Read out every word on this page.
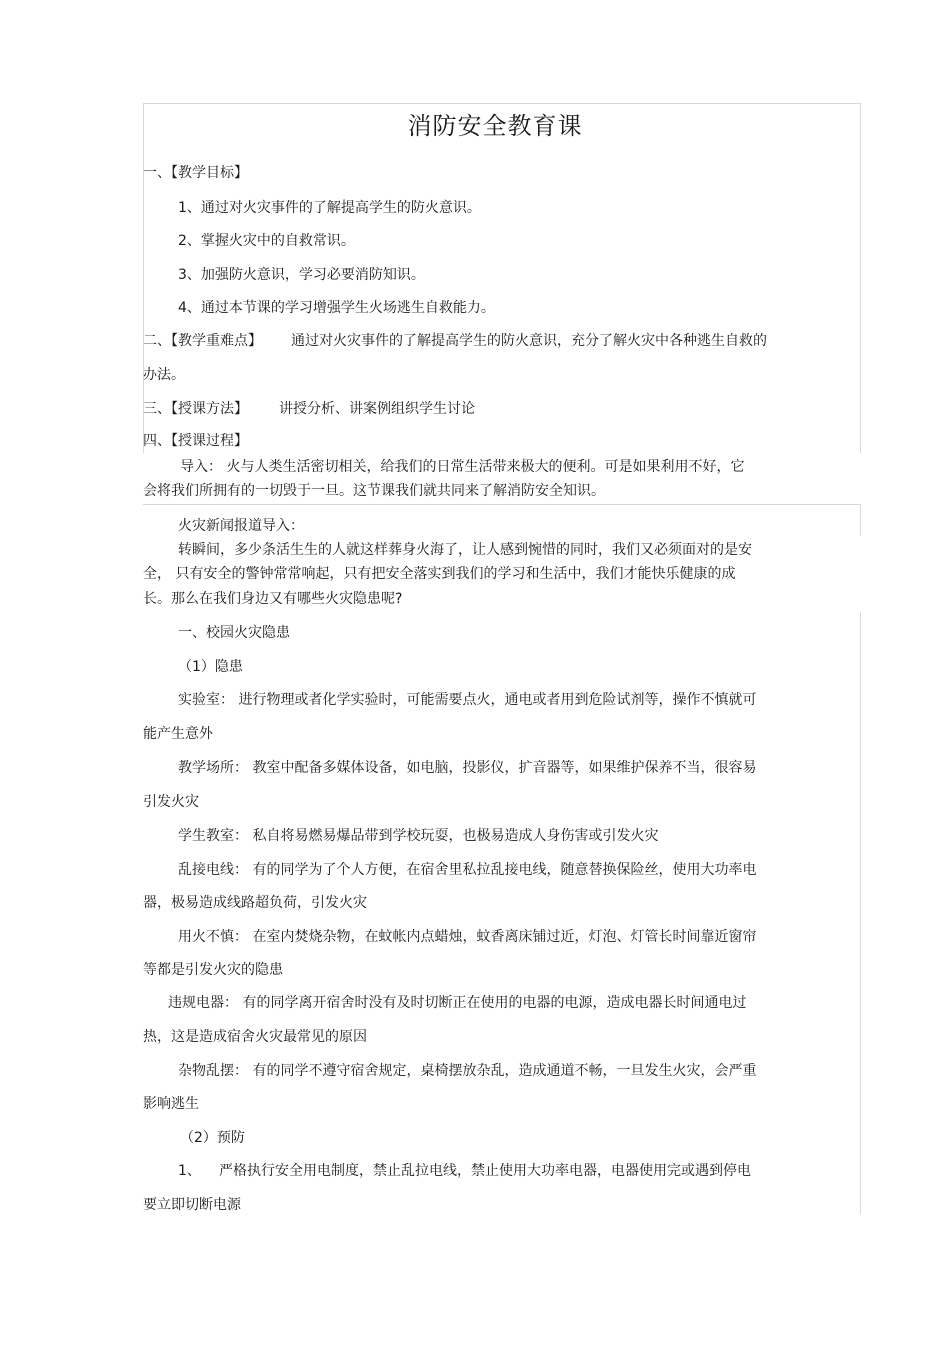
消防安全教育课
一、【教学目标】
1、通过对火灾事件的了解提高学生的防火意识。
2、掌握火灾中的自救常识。
3、加强防火意识，学习必要消防知识。
4、通过本节课的学习增强学生火场逃生自救能力。
二、【教学重难点】 通过对火灾事件的了解提高学生的防火意识，充分了解火灾中各种逃生自救的
办法。
三、【授课方法】 讲授分析、讲案例组织学生讨论
四、【授课过程】
导入： 火与人类生活密切相关，给我们的日常生活带来极大的便利。可是如果利用不好，它
会将我们所拥有的一切毁于一旦。这节课我们就共同来了解消防安全知识。
火灾新闻报道导入：
转瞬间，多少条活生生的人就这样葬身火海了，让人感到惋惜的同时，我们又必须面对的是安
全， 只有安全的警钟常常响起，只有把安全落实到我们的学习和生活中，我们才能快乐健康的成
长。那么在我们身边又有哪些火灾隐患呢?
一、校园火灾隐患
（1）隐患
实验室： 进行物理或者化学实验时，可能需要点火，通电或者用到危险试剂等，操作不慎就可
能产生意外
教学场所： 教室中配备多媒体设备，如电脑，投影仪，扩音器等，如果维护保养不当，很容易
引发火灾
学生教室： 私自将易燃易爆品带到学校玩耍，也极易造成人身伤害或引发火灾
乱接电线： 有的同学为了个人方便，在宿舍里私拉乱接电线，随意替换保险丝，使用大功率电
器，极易造成线路超负荷，引发火灾
用火不慎： 在室内焚烧杂物，在蚊帐内点蜡烛，蚊香离床铺过近，灯泡、灯管长时间靠近窗帘
等都是引发火灾的隐患
违规电器： 有的同学离开宿舍时没有及时切断正在使用的电器的电源，造成电器长时间通电过
热，这是造成宿舍火灾最常见的原因
杂物乱摆： 有的同学不遵守宿舍规定，桌椅摆放杂乱，造成通道不畅，一旦发生火灾，会严重
影响逃生
（2）预防
1、 严格执行安全用电制度，禁止乱拉电线，禁止使用大功率电器，电器使用完或遇到停电
要立即切断电源
